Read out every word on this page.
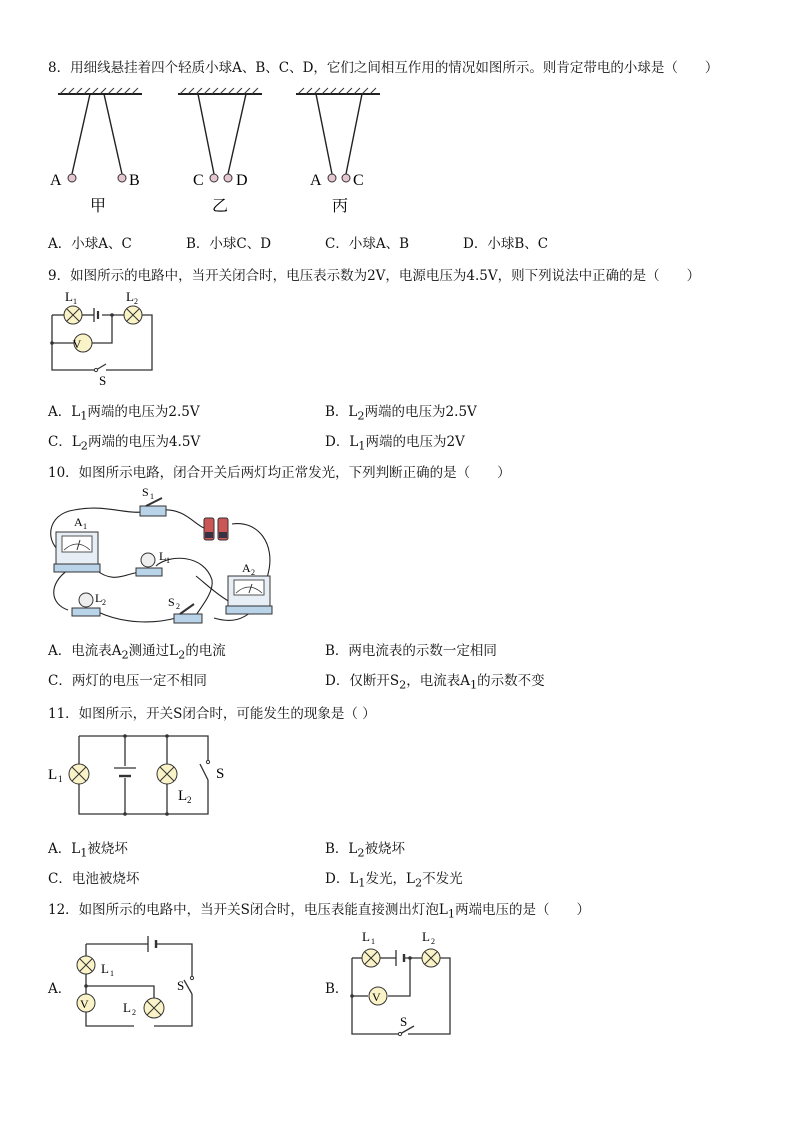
8．用细线悬挂着四个轻质小球A、B、C、D，它们之间相互作用的情况如图所示。则肯定带电的小球是（　　）
A	B
甲
C D
乙
A C
丙
A．小球A、C	B．小球C、D	C．小球A、B	D．小球B、C
9．如图所示的电路中，当开关闭合时，电压表示数为2V，电源电压为4.5V，则下列说法中正确的是（　　）
V
L 1	L 2
S
A．$L_1$两端的电压为2.5V	B．$L_2$两端的电压为2.5V
C．$L_2$两端的电压为4.5V	D．$L_1$两端的电压为2V
10．如图所示电路，闭合开关后两灯均正常发光，下列判断正确的是（　　）
S 1
A 1
L 1
L 2	S 2
A 2
A．电流表$A_2$测通过$L_2$的电流	B．两电流表的示数一定相同
C．两灯的电压一定不相同	D．仅断开$S_2$，电流表$A_1$的示数不变
11．如图所示，开关S闭合时，可能发生的现象是（ ）
L 1
L 2
S
A．$L_1$被烧坏	B．$L_2$被烧坏
C．电池被烧坏	D．$L_1$发光，$L_2$不发光
12．如图所示的电路中，当开关S闭合时，电压表能直接测出灯泡$L_1$两端电压的是（　　）
A．
V
L 1
L 2
S	B． V
L 1	L 2
S
